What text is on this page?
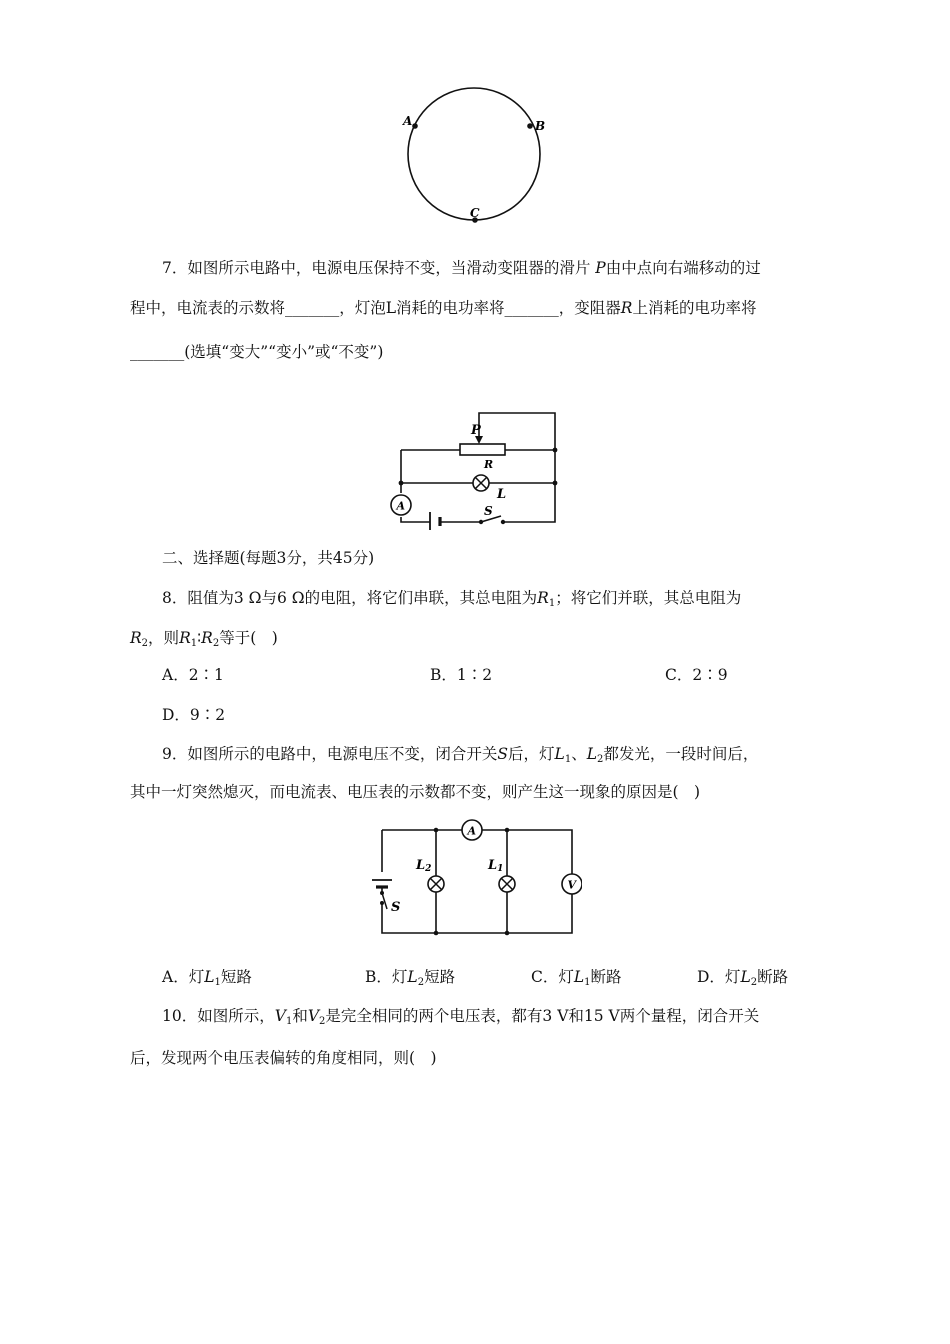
A	B
C
7．如图所示电路中，电源电压保持不变，当滑动变阻器的滑片 P由中点向右端移动的过
程中，电流表的示数将_______，灯泡L消耗的电功率将_______，变阻器R上消耗的电功率将
_______(选填“变大”“变小”或“不变”)
A
P
R
L
S
二、选择题(每题3分，共45分)
8．阻值为3 Ω与6 Ω的电阻，将它们串联，其总电阻为$R_1$；将它们并联，其总电阻为
$R_2$，则$R_1∶R_2$等于(　)
A．2∶1	B．1∶2	C．2∶9
D．9∶2
9．如图所示的电路中，电源电压不变，闭合开关S后，灯$L_1$、$L_2$都发光，一段时间后，
其中一灯突然熄灭，而电流表、电压表的示数都不变，则产生这一现象的原因是(　)
A
V
L2	L1
S
A．灯$L_1$短路	B．灯$L_2$短路	C．灯$L_1$断路	D．灯$L_2$断路
10．如图所示，$V_1$和$V_2$是完全相同的两个电压表，都有3 V和15 V两个量程，闭合开关
后，发现两个电压表偏转的角度相同，则(　)
